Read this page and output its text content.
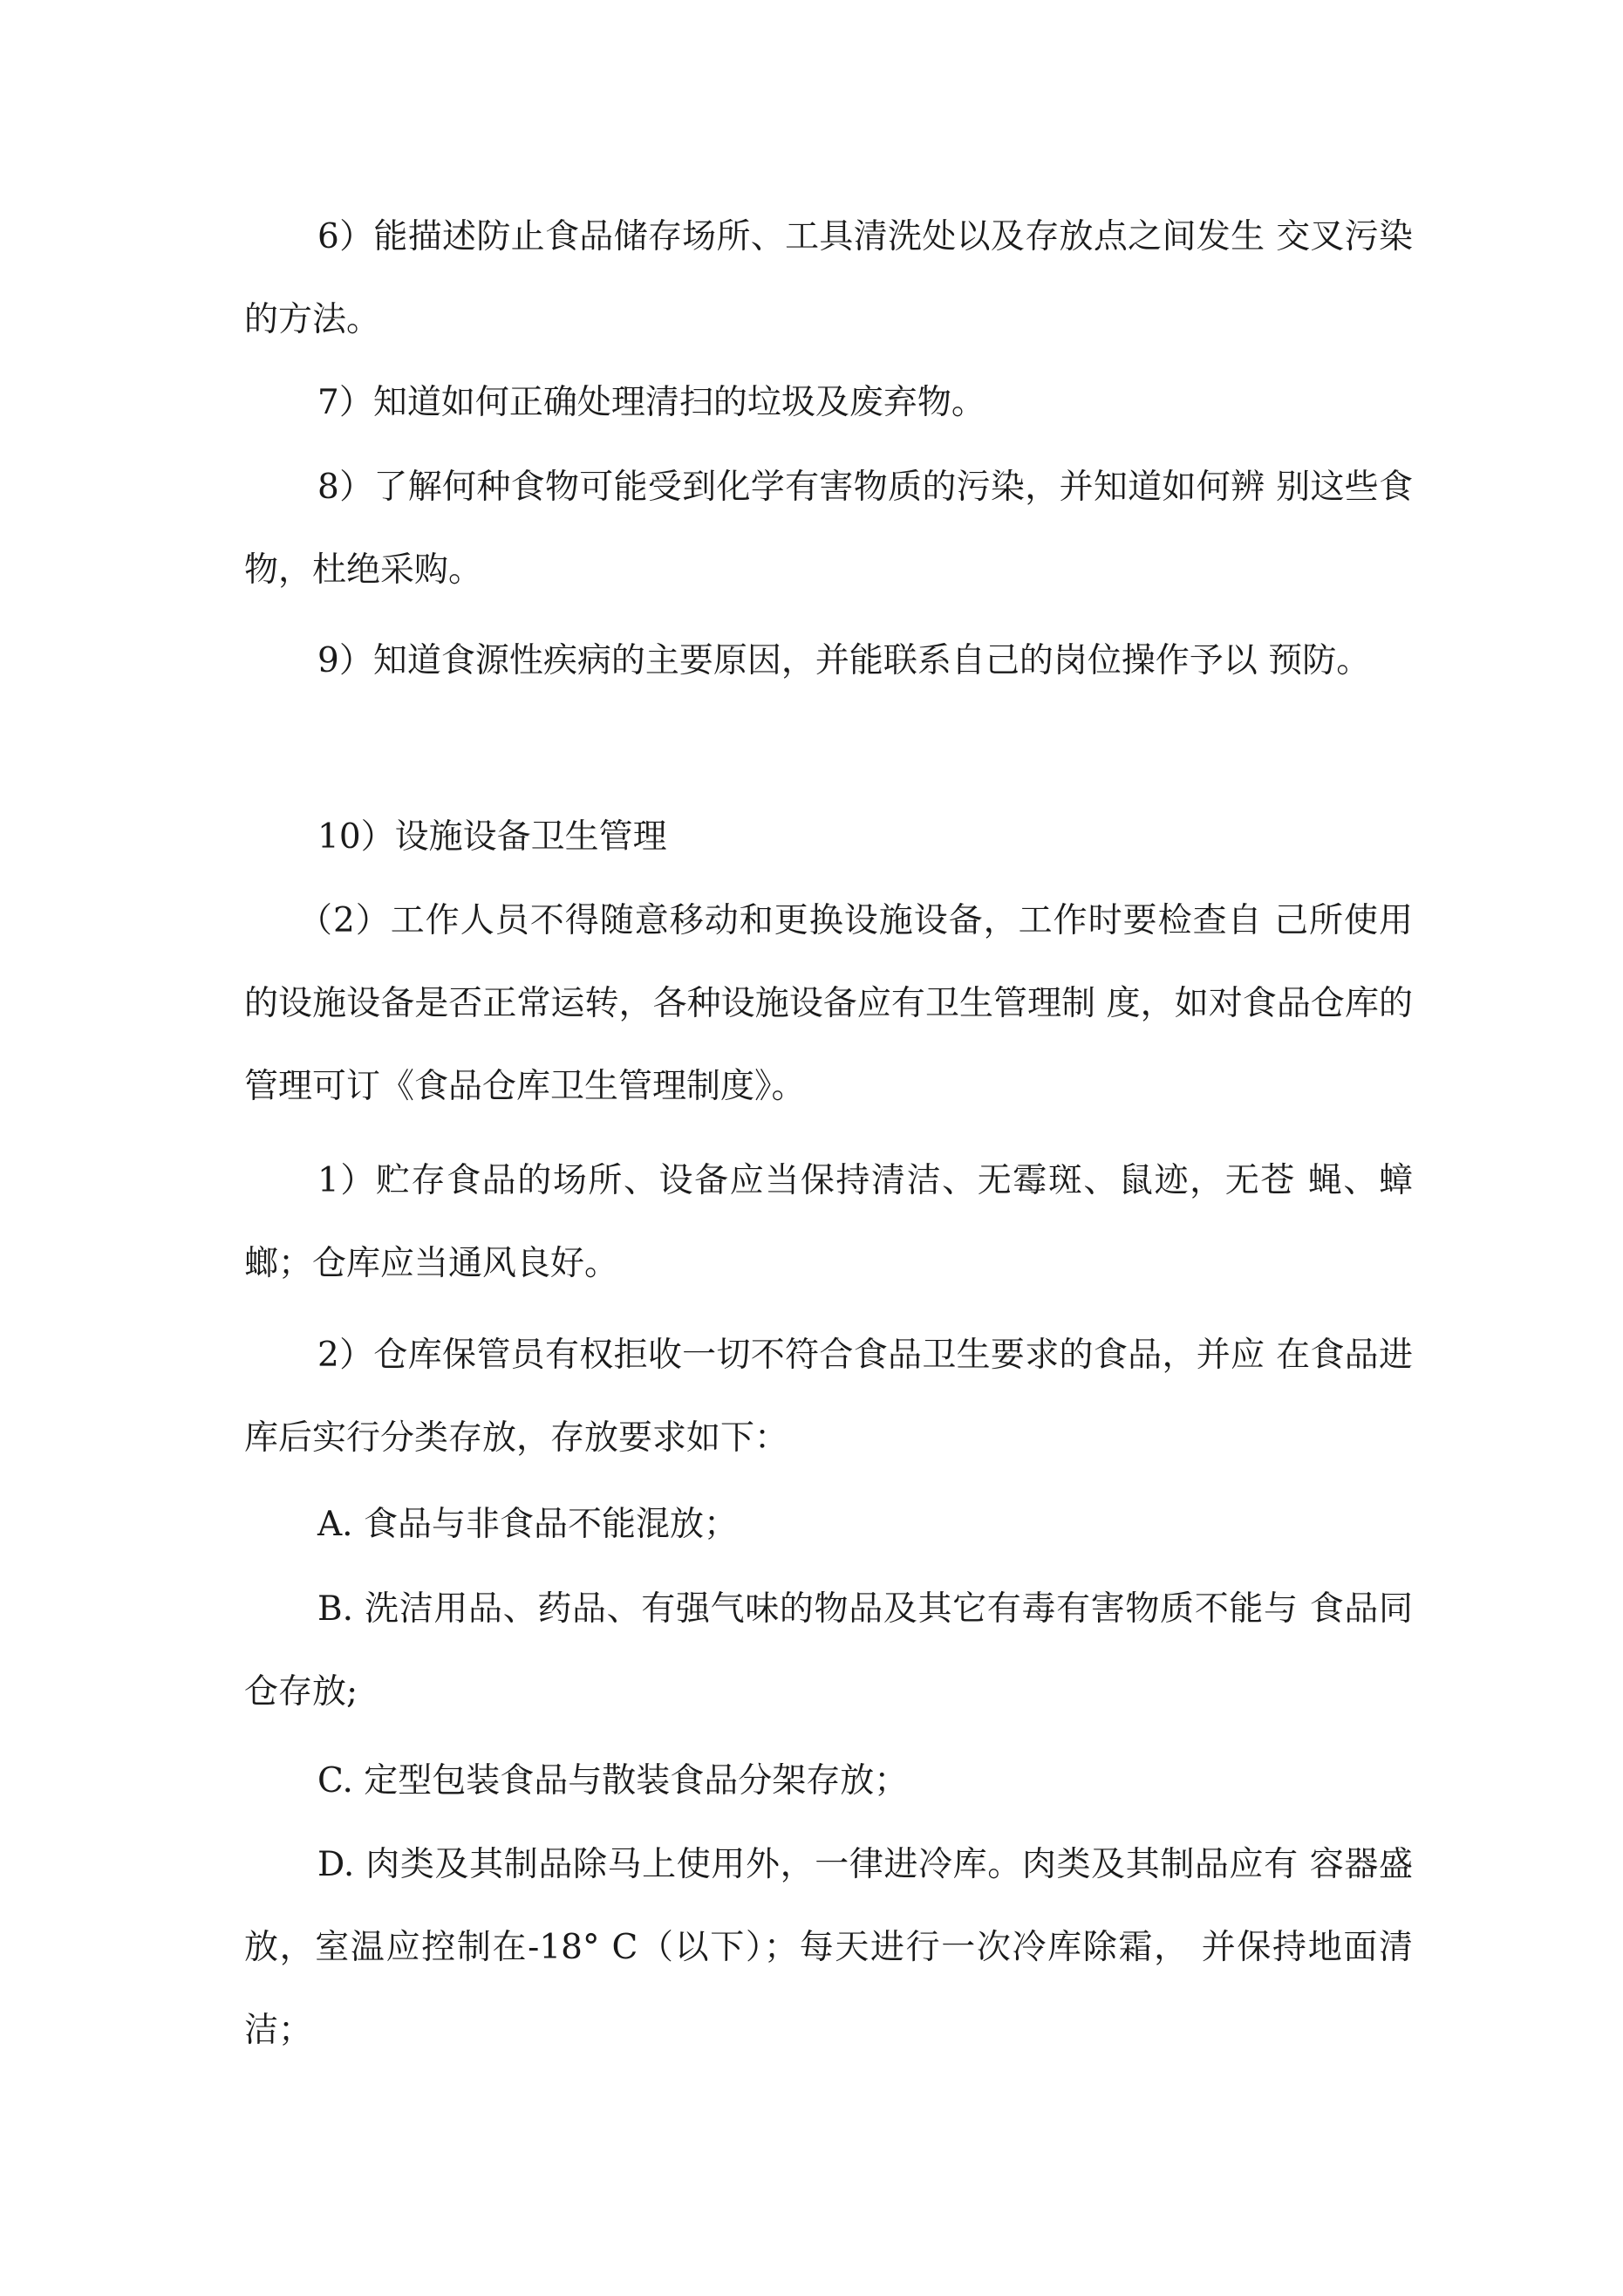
6）能描述防止食品储存场所、工具清洗处以及存放点之间发生 交叉污染的方法。

7）知道如何正确处理清扫的垃圾及废弃物。

8）了解何种食物可能受到化学有害物质的污染，并知道如何辨 别这些食物，杜绝采购。

9）知道食源性疾病的主要原因，并能联系自己的岗位操作予以 预防。

10）设施设备卫生管理

（2）工作人员不得随意移动和更换设施设备，工作时要检查自 己所使用的设施设备是否正常运转，各种设施设备应有卫生管理制 度，如对食品仓库的管理可订《食品仓库卫生管理制度》。

1）贮存食品的场所、设备应当保持清洁、无霉斑、鼠迹，无苍 蝇、蟑螂；仓库应当通风良好。

2）仓库保管员有权拒收一切不符合食品卫生要求的食品，并应 在食品进库后实行分类存放，存放要求如下：

A. 食品与非食品不能混放；

B. 洗洁用品、药品、有强气味的物品及其它有毒有害物质不能与 食品同仓存放;

C. 定型包装食品与散装食品分架存放；

D. 肉类及其制品除马上使用外，一律进冷库。肉类及其制品应有 容器盛放，室温应控制在-18° C（以下）；每天进行一次冷库除霜， 并保持地面清洁；
